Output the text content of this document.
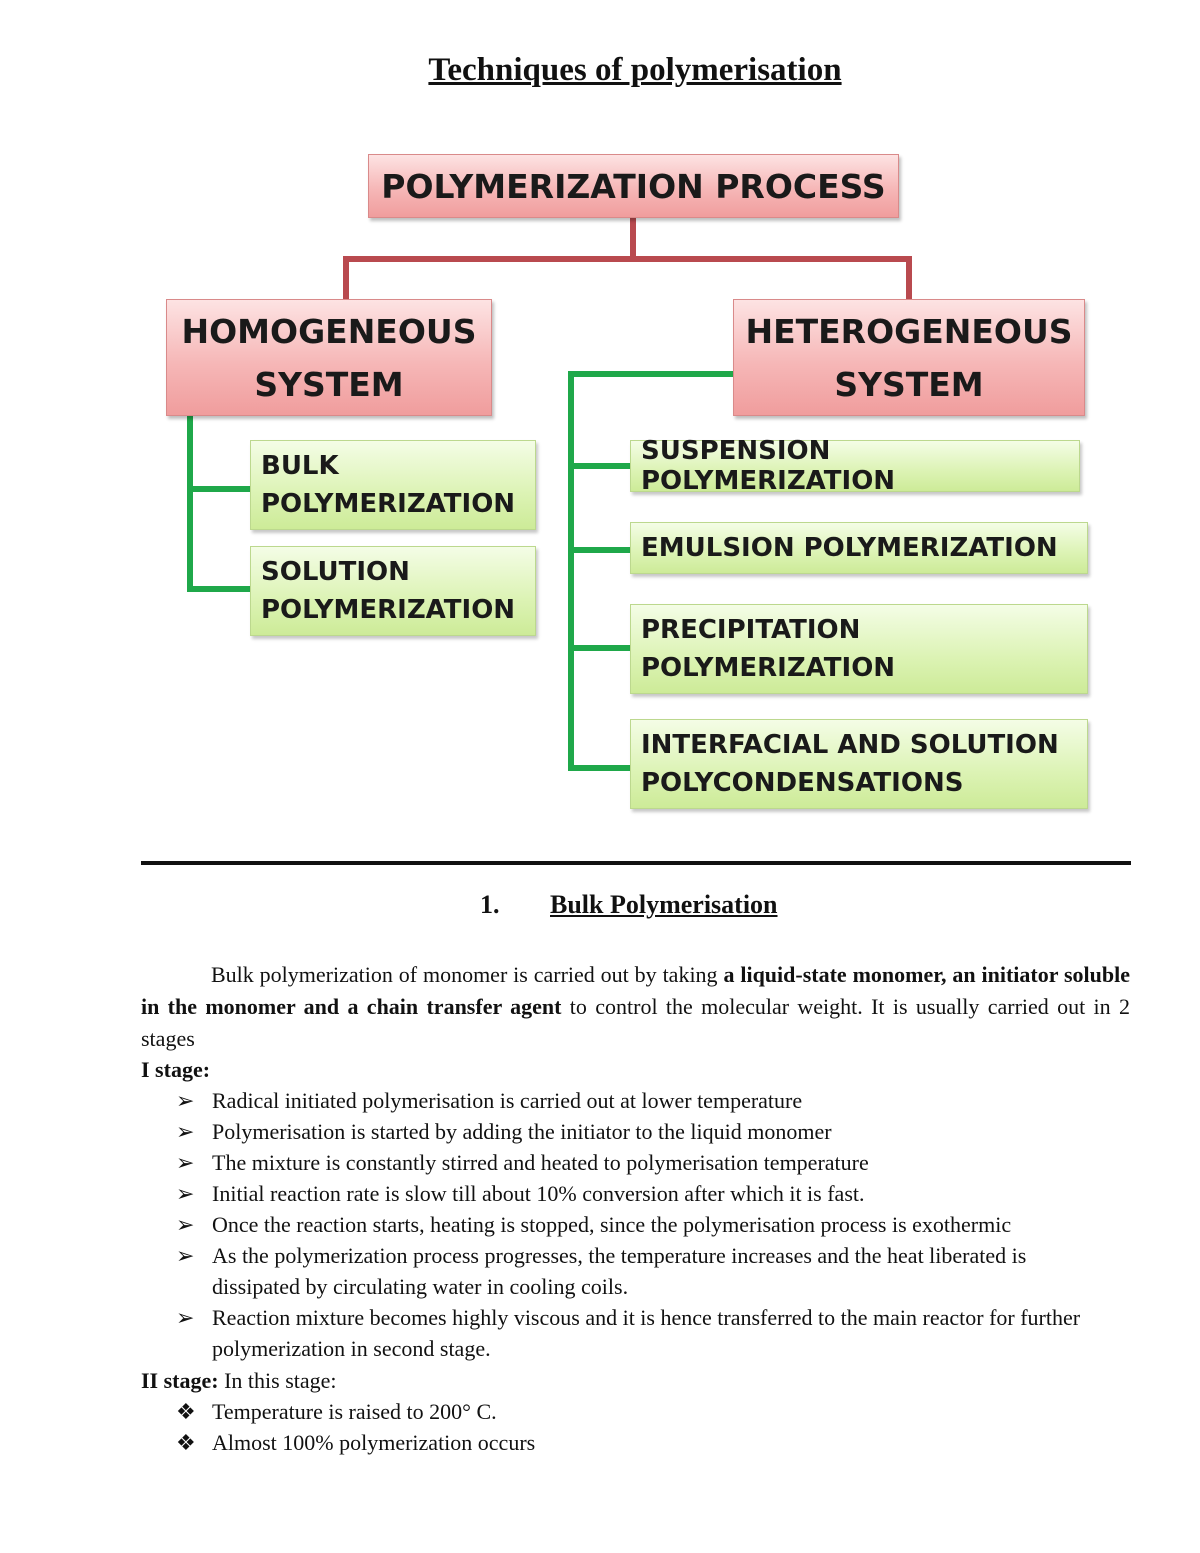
Techniques of polymerisation
POLYMERIZATION PROCESS
HOMOGENEOUS
SYSTEM
HETEROGENEOUS
SYSTEM
BULK
POLYMERIZATION
SOLUTION
POLYMERIZATION
SUSPENSION POLYMERIZATION
EMULSION POLYMERIZATION
PRECIPITATION
POLYMERIZATION
INTERFACIAL AND SOLUTION
POLYCONDENSATIONS
1. Bulk Polymerisation

Bulk polymerization of monomer is carried out by taking a liquid-state monomer, an initiator soluble in the monomer and a chain transfer agent to control the molecular weight. It is usually carried out in 2 stages

I stage:
➢ Radical initiated polymerisation is carried out at lower temperature
➢ Polymerisation is started by adding the initiator to the liquid monomer
➢ The mixture is constantly stirred and heated to polymerisation temperature
➢ Initial reaction rate is slow till about 10% conversion after which it is fast.
➢ Once the reaction starts, heating is stopped, since the polymerisation process is exothermic
➢ As the polymerization process progresses, the temperature increases and the heat liberated is dissipated by circulating water in cooling coils.
➢ Reaction mixture becomes highly viscous and it is hence transferred to the main reactor for further polymerization in second stage.
II stage: In this stage:
❖ Temperature is raised to 200° C.
❖ Almost 100% polymerization occurs
